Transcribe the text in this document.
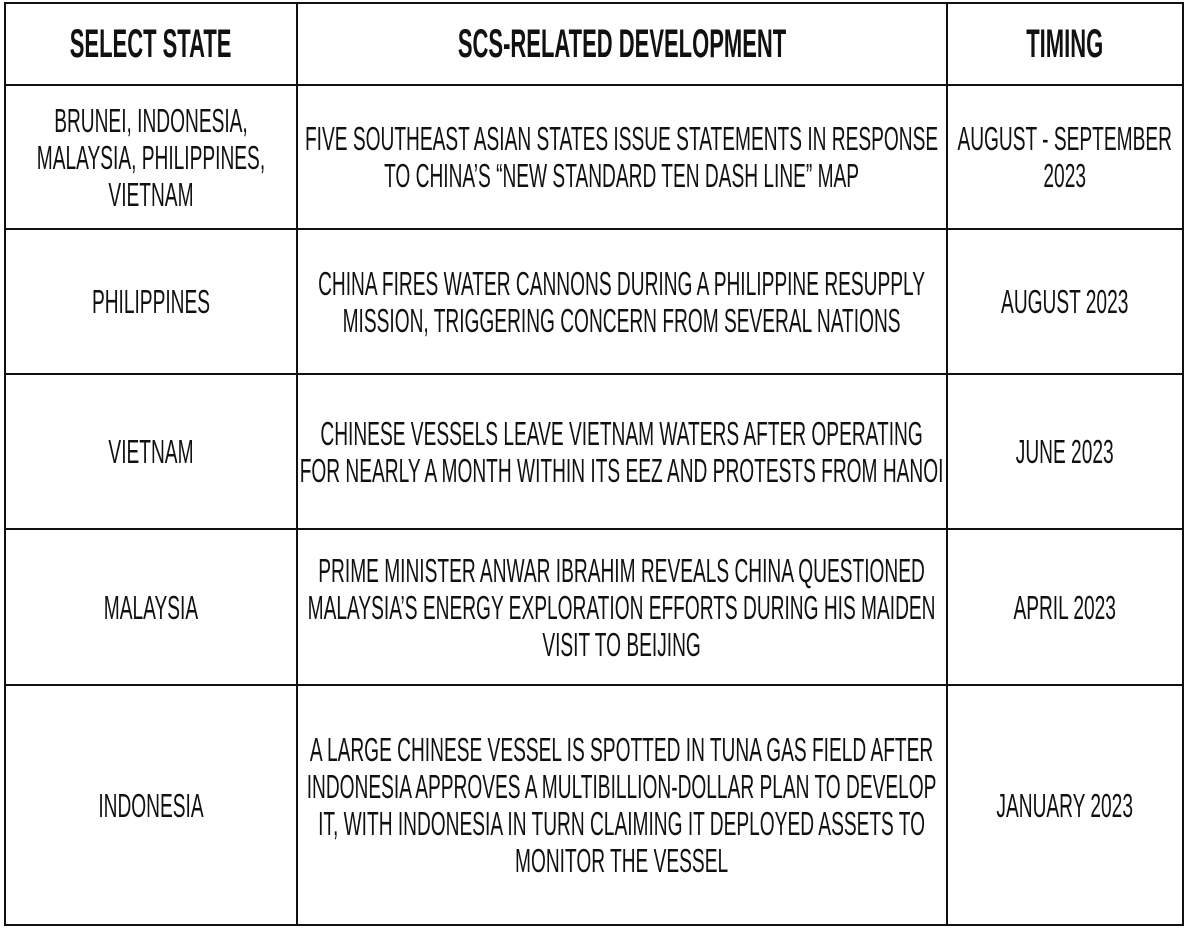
SELECT STATE	SCS-RELATED DEVELOPMENT	TIMING

BRUNEI, INDONESIA, MALAYSIA, PHILIPPINES, VIETNAM	FIVE SOUTHEAST ASIAN STATES ISSUE STATEMENTS IN RESPONSE TO CHINA’S “NEW STANDARD TEN DASH LINE” MAP	AUGUST - SEPTEMBER 2023

PHILIPPINES	CHINA FIRES WATER CANNONS DURING A PHILIPPINE RESUPPLY MISSION, TRIGGERING CONCERN FROM SEVERAL NATIONS	AUGUST 2023

VIETNAM	CHINESE VESSELS LEAVE VIETNAM WATERS AFTER OPERATING FOR NEARLY A MONTH WITHIN ITS EEZ AND PROTESTS FROM HANOI	JUNE 2023

MALAYSIA	PRIME MINISTER ANWAR IBRAHIM REVEALS CHINA QUESTIONED MALAYSIA’S ENERGY EXPLORATION EFFORTS DURING HIS MAIDEN VISIT TO BEIJING	APRIL 2023

INDONESIA	A LARGE CHINESE VESSEL IS SPOTTED IN TUNA GAS FIELD AFTER INDONESIA APPROVES A MULTIBILLION-DOLLAR PLAN TO DEVELOP IT, WITH INDONESIA IN TURN CLAIMING IT DEPLOYED ASSETS TO MONITOR THE VESSEL	JANUARY 2023
